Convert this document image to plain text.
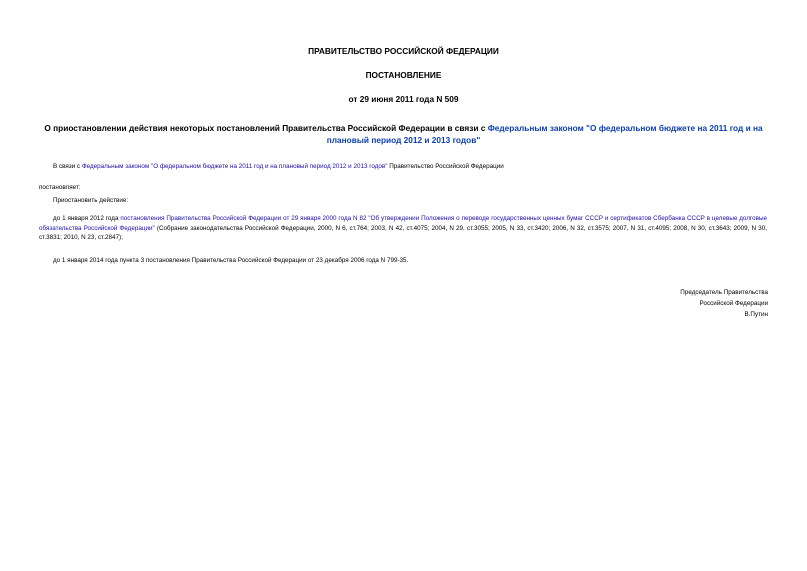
ПРАВИТЕЛЬСТВО РОССИЙСКОЙ ФЕДЕРАЦИИ
ПОСТАНОВЛЕНИЕ
от 29 июня 2011 года N 509
О приостановлении действия некоторых постановлений Правительства Российской Федерации в связи с Федеральным законом "О федеральном бюджете на 2011 год и на плановый период 2012 и 2013 годов"
В связи с Федеральным законом "О федеральном бюджете на 2011 год и на плановый период 2012 и 2013 годов" Правительство Российской Федерации
постановляет:
Приостановить действие:
до 1 января 2012 года постановления Правительства Российской Федерации от 29 января 2000 года N 82 "Об утверждении Положения о переводе государственных ценных бумаг СССР и сертификатов Сбербанка СССР в целевые долговые обязательства Российской Федерации" (Собрание законодательства Российской Федерации, 2000, N 6, ст.764; 2003, N 42, ст.4075; 2004, N 29, ст.3055; 2005, N 33, ст.3420; 2006, N 32, ст.3575; 2007, N 31, ст.4095; 2008, N 30, ст.3643; 2009, N 30, ст.3831; 2010, N 23, ст.2847);
до 1 января 2014 года пункта 3 постановления Правительства Российской Федерации от 23 декабря 2006 года N 799-35.
Председатель Правительства
Российской Федерации
В.Путин
